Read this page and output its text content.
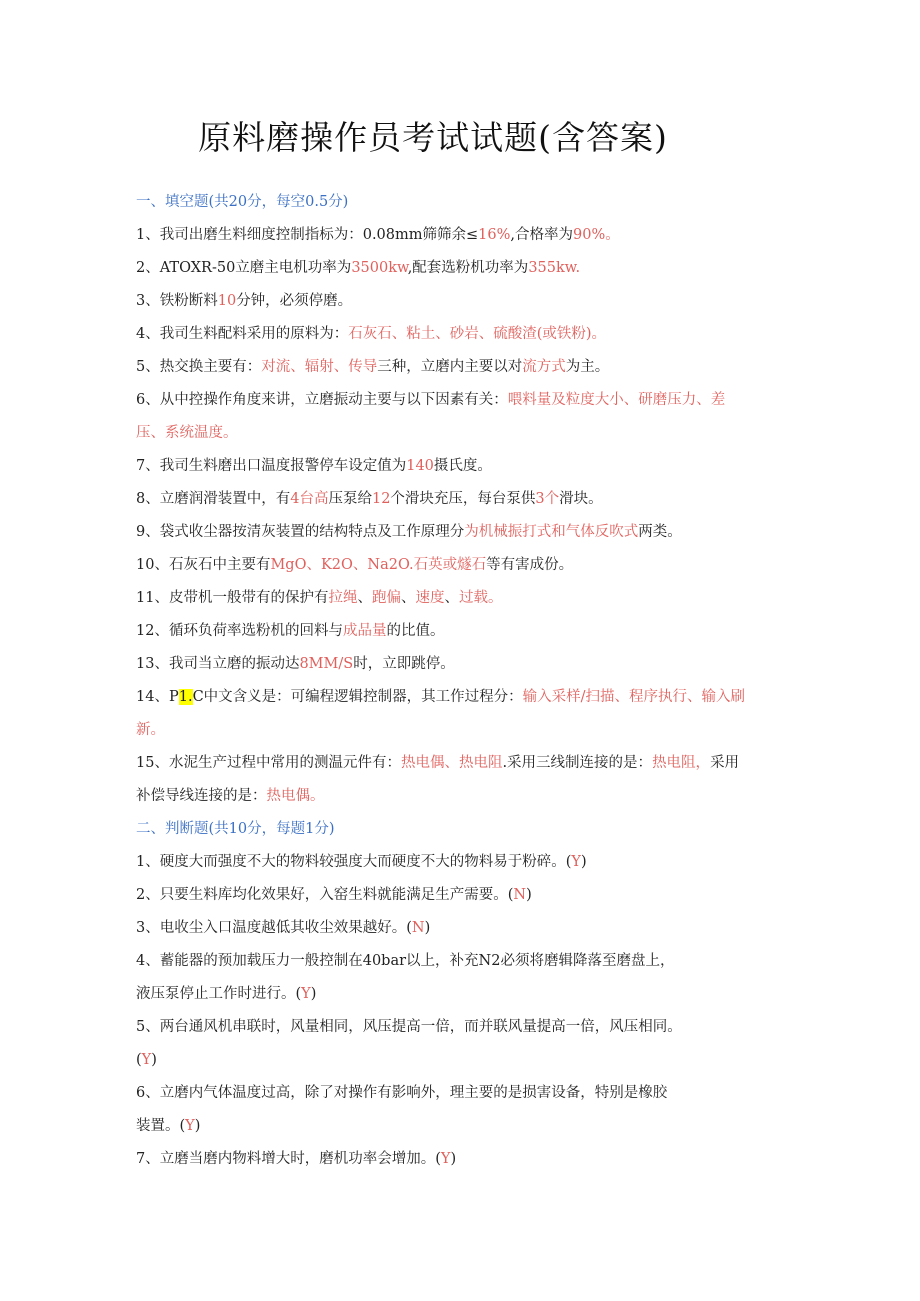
原料磨操作员考试试题(含答案)
一、填空题(共20分，每空0.5分)
1、我司出磨生料细度控制指标为：0.08mm筛筛余≤16%,合格率为90%。
2、ATOXR-50立磨主电机功率为3500kw,配套选粉机功率为355kw.
3、铁粉断料10分钟，必须停磨。
4、我司生料配料采用的原料为：石灰石、粘土、砂岩、硫酸渣(或铁粉)。
5、热交换主要有：对流、辐射、传导三种，立磨内主要以对流方式为主。
6、从中控操作角度来讲，立磨振动主要与以下因素有关：喂料量及粒度大小、研磨压力、差
压、系统温度。
7、我司生料磨出口温度报警停车设定值为140摄氏度。
8、立磨润滑装置中，有4台高压泵给12个滑块充压，每台泵供3个滑块。
9、袋式收尘器按清灰装置的结构特点及工作原理分为机械振打式和气体反吹式两类。
10、石灰石中主要有MgO、K2O、Na2O.石英或燧石等有害成份。
11、皮带机一般带有的保护有拉绳、跑偏、速度、过载。
12、循环负荷率选粉机的回料与成品量的比值。
13、我司当立磨的振动达8MM/S时，立即跳停。
14、P1.C中文含义是：可编程逻辑控制器，其工作过程分：输入采样/扫描、程序执行、输入刷
新。
15、水泥生产过程中常用的测温元件有：热电偶、热电阻.采用三线制连接的是：热电阻，采用
补偿导线连接的是：热电偶。
二、判断题(共10分，每题1分)
1、硬度大而强度不大的物料较强度大而硬度不大的物料易于粉碎。(Y)
2、只要生料库均化效果好，入窑生料就能满足生产需要。(N)
3、电收尘入口温度越低其收尘效果越好。(N)
4、蓄能器的预加载压力一般控制在40bar以上，补充N2必须将磨辑降落至磨盘上，
液压泵停止工作时进行。(Y)
5、两台通风机串联时，风量相同，风压提高一倍，而并联风量提高一倍，风压相同。
(Y)
6、立磨内气体温度过高，除了对操作有影响外，理主要的是损害设备，特别是橡胶
装置。(Y)
7、立磨当磨内物料增大时，磨机功率会增加。(Y)
